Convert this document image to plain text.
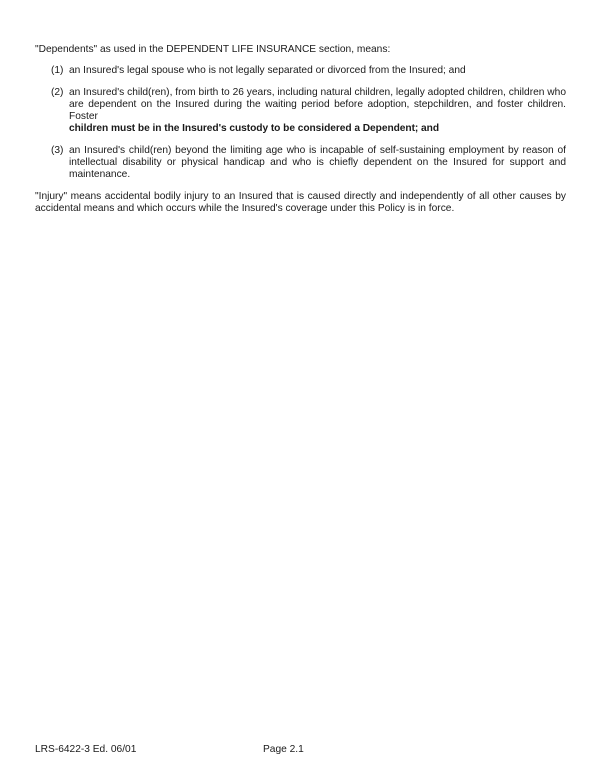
"Dependents" as used in the DEPENDENT LIFE INSURANCE section, means:

(1) an Insured's legal spouse who is not legally separated or divorced from the Insured; and
(2) an Insured's child(ren), from birth to 26 years, including natural children, legally adopted children, children who are dependent on the Insured during the waiting period before adoption, stepchildren, and foster children. Foster
children must be in the Insured's custody to be considered a Dependent; and
(3) an Insured's child(ren) beyond the limiting age who is incapable of self-sustaining employment by reason of intellectual disability or physical handicap and who is chiefly dependent on the Insured for support and maintenance.

"Injury" means accidental bodily injury to an Insured that is caused directly and independently of all other causes by accidental means and which occurs while the Insured's coverage under this Policy is in force.

LRS-6422-3 Ed. 06/01	Page 2.1
